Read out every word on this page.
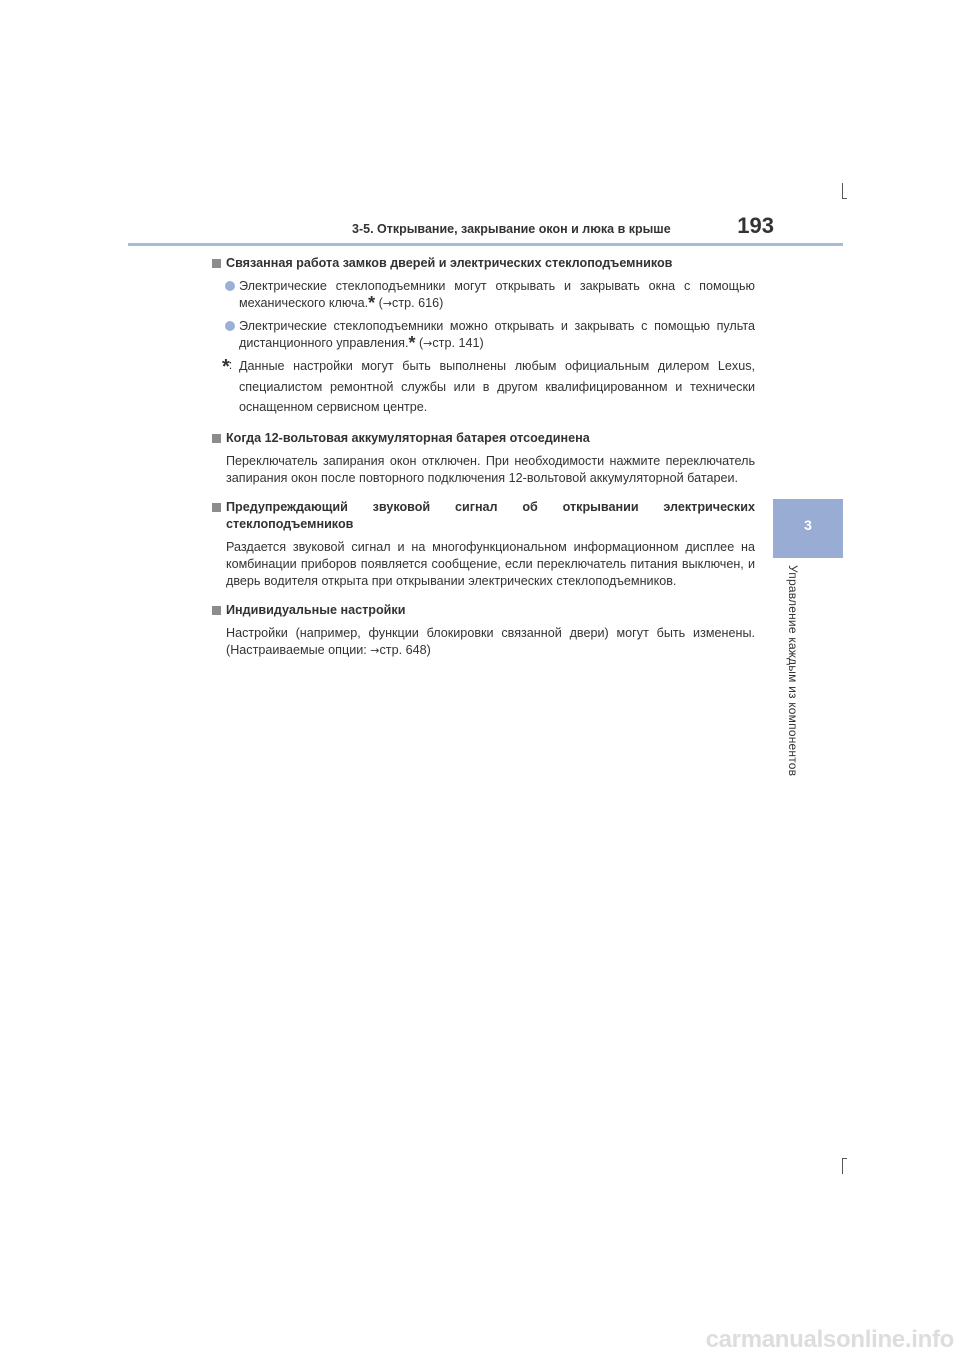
3-5. Открывание, закрывание окон и люка в крыше	193
3
Управление каждым из компонентов
Связанная работа замков дверей и электрических стеклоподъемников
Электрические стеклоподъемники могут открывать и закрывать окна с помощью механического ключа.* (→стр. 616)
Электрические стеклоподъемники можно открывать и закрывать с помощью пульта дистанционного управления.* (→стр. 141)
*: Данные настройки могут быть выполнены любым официальным дилером Lexus, специалистом ремонтной службы или в другом квалифицированном и технически оснащенном сервисном центре.
Когда 12-вольтовая аккумуляторная батарея отсоединена
Переключатель запирания окон отключен. При необходимости нажмите переключатель запирания окон после повторного подключения 12-вольтовой аккумуляторной батареи.
Предупреждающий звуковой сигнал об открывании электрических стеклоподъемников
Раздается звуковой сигнал и на многофункциональном информационном дисплее на комбинации приборов появляется сообщение, если переключатель питания выключен, и дверь водителя открыта при открывании электрических стеклоподъемников.
Индивидуальные настройки
Настройки (например, функции блокировки связанной двери) могут быть изменены. (Настраиваемые опции: →стр. 648)
carmanualsonline.info
